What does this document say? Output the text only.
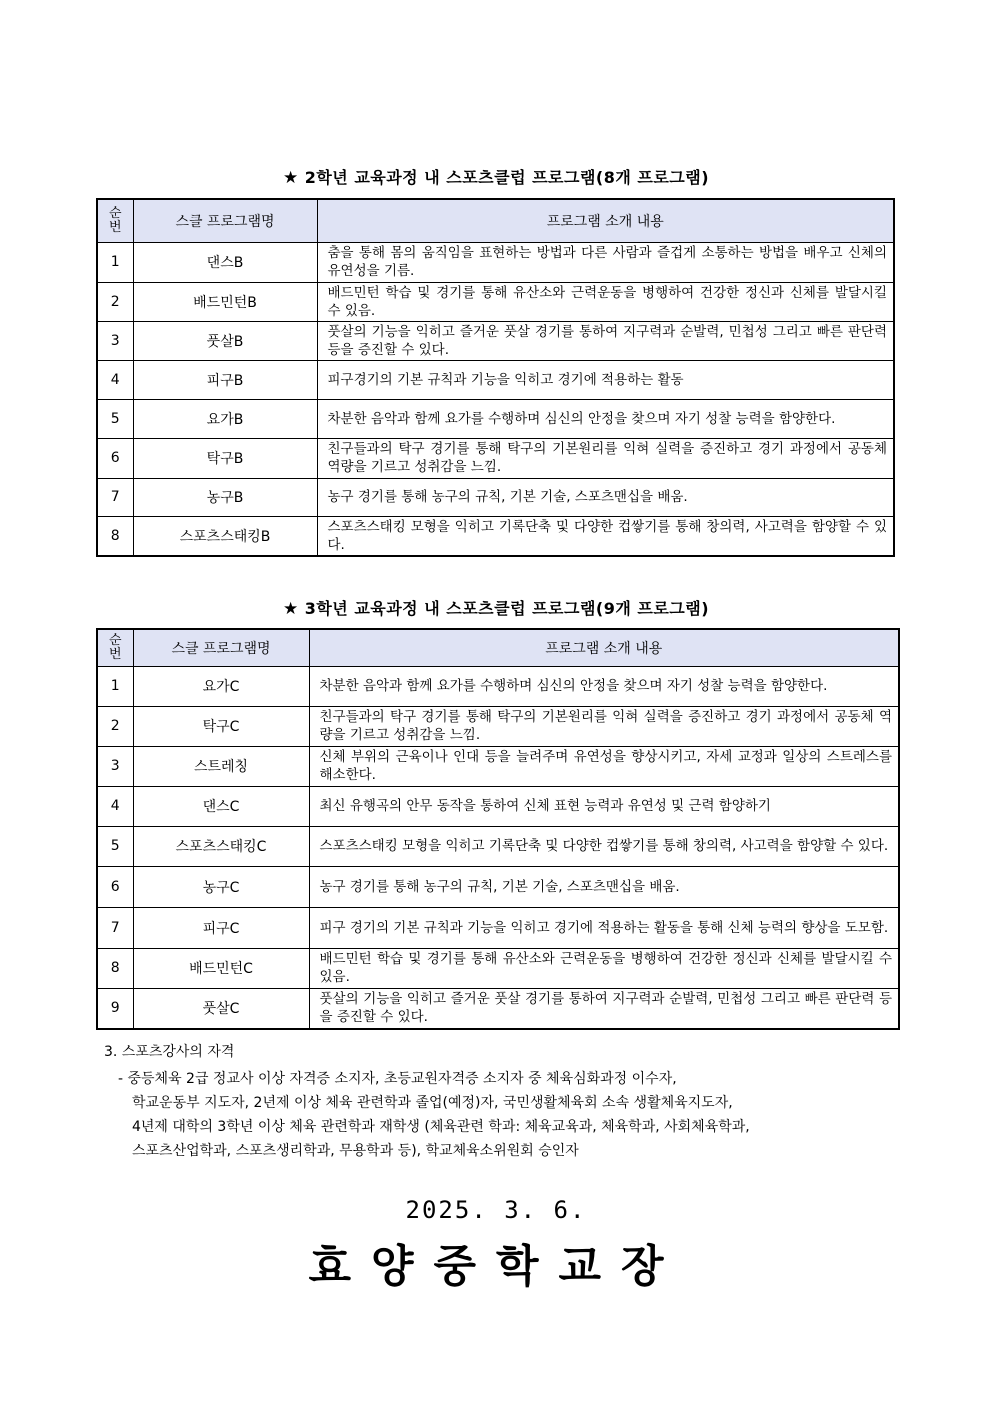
★ 2학년 교육과정 내 스포츠클럽 프로그램(8개 프로그램)
순
번	스클 프로그램명	프로그램 소개 내용
1	댄스B	춤을 통해 몸의 움직임을 표현하는 방법과 다른 사람과 즐겁게 소통하는 방법을 배우고 신체의 유연성을 기름.
2	배드민턴B	배드민턴 학습 및 경기를 통해 유산소와 근력운동을 병행하여 건강한 정신과 신체를 발달시킬 수 있음.
3	풋살B	풋살의 기능을 익히고 즐거운 풋살 경기를 통하여 지구력과 순발력, 민첩성 그리고 빠른 판단력 등을 증진할 수 있다.
4	피구B	피구경기의 기본 규칙과 기능을 익히고 경기에 적용하는 활동
5	요가B	차분한 음악과 함께 요가를 수행하며 심신의 안정을 찾으며 자기 성찰 능력을 함양한다.
6	탁구B	친구들과의 탁구 경기를 통해 탁구의 기본원리를 익혀 실력을 증진하고 경기 과정에서 공동체 역량을 기르고 성취감을 느낌.
7	농구B	농구 경기를 통해 농구의 규칙, 기본 기술, 스포츠맨십을 배움.
8	스포츠스태킹B	스포츠스태킹 모형을 익히고 기록단축 및 다양한 컵쌓기를 통해 창의력, 사고력을 함양할 수 있다.
★ 3학년 교육과정 내 스포츠클럽 프로그램(9개 프로그램)
순
번	스클 프로그램명	프로그램 소개 내용
1	요가C	차분한 음악과 함께 요가를 수행하며 심신의 안정을 찾으며 자기 성찰 능력을 함양한다.
2	탁구C	친구들과의 탁구 경기를 통해 탁구의 기본원리를 익혀 실력을 증진하고 경기 과정에서 공동체 역량을 기르고 성취감을 느낌.
3	스트레칭	신체 부위의 근육이나 인대 등을 늘려주며 유연성을 향상시키고, 자세 교정과 일상의 스트레스를 해소한다.
4	댄스C	최신 유행곡의 안무 동작을 통하여 신체 표현 능력과 유연성 및 근력 함양하기
5	스포츠스태킹C	스포츠스태킹 모형을 익히고 기록단축 및 다양한 컵쌓기를 통해 창의력, 사고력을 함양할 수 있다.
6	농구C	농구 경기를 통해 농구의 규칙, 기본 기술, 스포츠맨십을 배움.
7	피구C	피구 경기의 기본 규칙과 기능을 익히고 경기에 적용하는 활동을 통해 신체 능력의 향상을 도모함.
8	배드민턴C	배드민턴 학습 및 경기를 통해 유산소와 근력운동을 병행하여 건강한 정신과 신체를 발달시킬 수 있음.
9	풋살C	풋살의 기능을 익히고 즐거운 풋살 경기를 통하여 지구력과 순발력, 민첩성 그리고 빠른 판단력 등을 증진할 수 있다.
3. 스포츠강사의 자격
- 중등체육 2급 정교사 이상 자격증 소지자, 초등교원자격증 소지자 중 체육심화과정 이수자,
학교운동부 지도자, 2년제 이상 체육 관련학과 졸업(예정)자, 국민생활체육회 소속 생활체육지도자,
4년제 대학의 3학년 이상 체육 관련학과 재학생 (체육관련 학과: 체육교육과, 체육학과, 사회체육학과,
스포츠산업학과, 스포츠생리학과, 무용학과 등), 학교체육소위원회 승인자
2025. 3. 6.
효양중학교장
